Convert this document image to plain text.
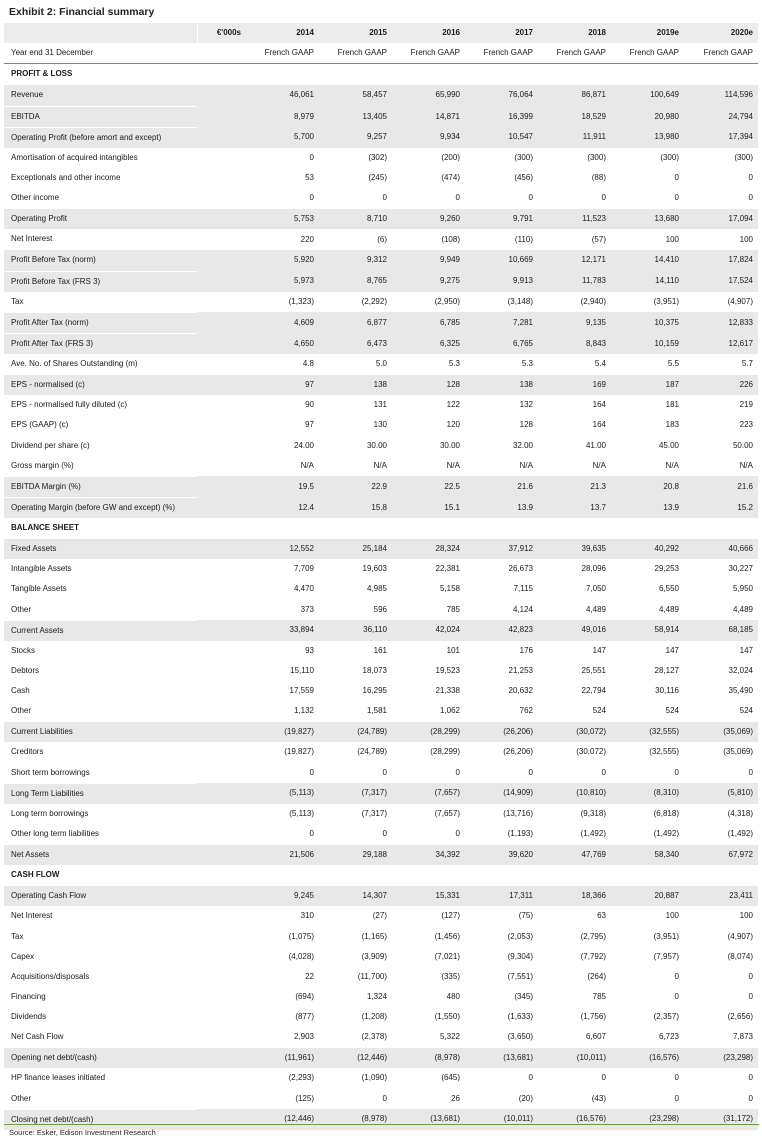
Exhibit 2: Financial summary
	€'000s	2014	2015	2016	2017	2018	2019e	2020e
Year end 31 December		French GAAP	French GAAP	French GAAP	French GAAP	French GAAP	French GAAP	French GAAP
PROFIT & LOSS								
Revenue		46,061	58,457	65,990	76,064	86,871	100,649	114,596
EBITDA		8,979	13,405	14,871	16,399	18,529	20,980	24,794
Operating Profit (before amort and except)		5,700	9,257	9,934	10,547	11,911	13,980	17,394
Amortisation of acquired intangibles		0	(302)	(200)	(300)	(300)	(300)	(300)
Exceptionals and other income		53	(245)	(474)	(456)	(88)	0	0
Other income		0	0	0	0	0	0	0
Operating Profit		5,753	8,710	9,260	9,791	11,523	13,680	17,094
Net Interest		220	(6)	(108)	(110)	(57)	100	100
Profit Before Tax (norm)		5,920	9,312	9,949	10,669	12,171	14,410	17,824
Profit Before Tax (FRS 3)		5,973	8,765	9,275	9,913	11,783	14,110	17,524
Tax		(1,323)	(2,292)	(2,950)	(3,148)	(2,940)	(3,951)	(4,907)
Profit After Tax (norm)		4,609	6,877	6,785	7,281	9,135	10,375	12,833
Profit After Tax (FRS 3)		4,650	6,473	6,325	6,765	8,843	10,159	12,617
Ave. No. of Shares Outstanding (m)		4.8	5.0	5.3	5.3	5.4	5.5	5.7
EPS - normalised (c)		97	138	128	138	169	187	226
EPS - normalised fully diluted (c)		90	131	122	132	164	181	219
EPS (GAAP) (c)		97	130	120	128	164	183	223
Dividend per share (c)		24.00	30.00	30.00	32.00	41.00	45.00	50.00
Gross margin (%)		N/A	N/A	N/A	N/A	N/A	N/A	N/A
EBITDA Margin (%)		19.5	22.9	22.5	21.6	21.3	20.8	21.6
Operating Margin (before GW and except) (%)		12.4	15.8	15.1	13.9	13.7	13.9	15.2
BALANCE SHEET								
Fixed Assets		12,552	25,184	28,324	37,912	39,635	40,292	40,666
Intangible Assets		7,709	19,603	22,381	26,673	28,096	29,253	30,227
Tangible Assets		4,470	4,985	5,158	7,115	7,050	6,550	5,950
Other		373	596	785	4,124	4,489	4,489	4,489
Current Assets		33,894	36,110	42,024	42,823	49,016	58,914	68,185
Stocks		93	161	101	176	147	147	147
Debtors		15,110	18,073	19,523	21,253	25,551	28,127	32,024
Cash		17,559	16,295	21,338	20,632	22,794	30,116	35,490
Other		1,132	1,581	1,062	762	524	524	524
Current Liabilities		(19,827)	(24,789)	(28,299)	(26,206)	(30,072)	(32,555)	(35,069)
Creditors		(19,827)	(24,789)	(28,299)	(26,206)	(30,072)	(32,555)	(35,069)
Short term borrowings		0	0	0	0	0	0	0
Long Term Liabilities		(5,113)	(7,317)	(7,657)	(14,909)	(10,810)	(8,310)	(5,810)
Long term borrowings		(5,113)	(7,317)	(7,657)	(13,716)	(9,318)	(6,818)	(4,318)
Other long term liabilities		0	0	0	(1,193)	(1,492)	(1,492)	(1,492)
Net Assets		21,506	29,188	34,392	39,620	47,769	58,340	67,972
CASH FLOW								
Operating Cash Flow		9,245	14,307	15,331	17,311	18,366	20,887	23,411
Net Interest		310	(27)	(127)	(75)	63	100	100
Tax		(1,075)	(1,165)	(1,456)	(2,053)	(2,795)	(3,951)	(4,907)
Capex		(4,028)	(3,909)	(7,021)	(9,304)	(7,792)	(7,957)	(8,074)
Acquisitions/disposals		22	(11,700)	(335)	(7,551)	(264)	0	0
Financing		(694)	1,324	480	(345)	785	0	0
Dividends		(877)	(1,208)	(1,550)	(1,633)	(1,756)	(2,357)	(2,656)
Net Cash Flow		2,903	(2,378)	5,322	(3,650)	6,607	6,723	7,873
Opening net debt/(cash)		(11,961)	(12,446)	(8,978)	(13,681)	(10,011)	(16,576)	(23,298)
HP finance leases initiated		(2,293)	(1,090)	(645)	0	0	0	0
Other		(125)	0	26	(20)	(43)	0	0
Closing net debt/(cash)		(12,446)	(8,978)	(13,681)	(10,011)	(16,576)	(23,298)	(31,172)
Source: Esker, Edison Investment Research
